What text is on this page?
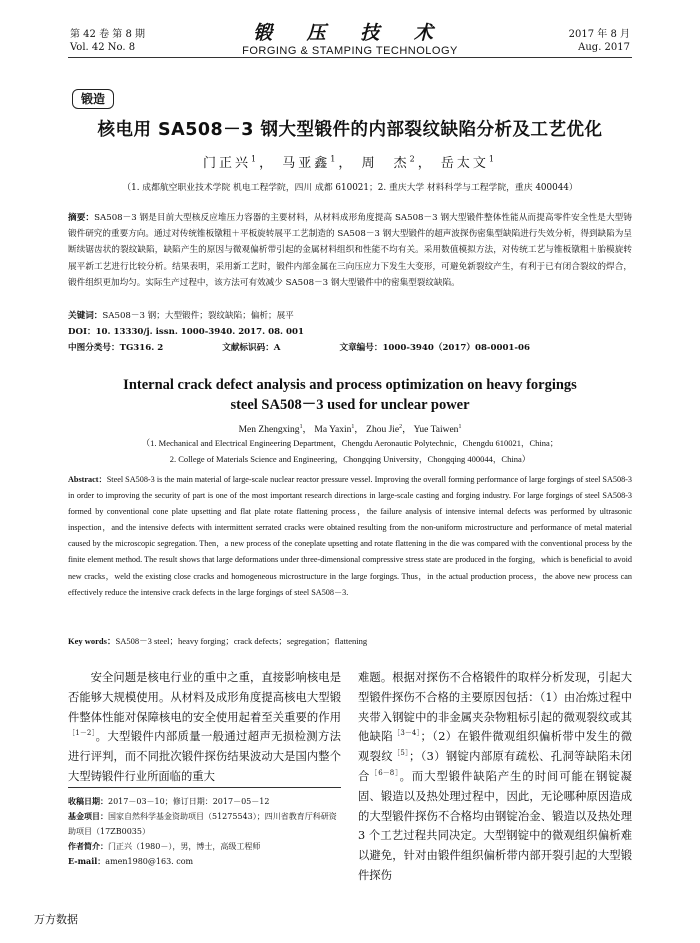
第 42 卷 第 8 期
Vol. 42 No. 8
锻 压 技 术
FORGING & STAMPING TECHNOLOGY
2017 年 8 月
Aug. 2017
锻造
核电用 SA508－3 钢大型锻件的内部裂纹缺陷分析及工艺优化
门正兴$^1$， 马亚鑫$^1$， 周　杰$^2$， 岳太文$^1$
（1. 成都航空职业技术学院 机电工程学院，四川 成都 610021；2. 重庆大学 材料科学与工程学院，重庆 400044）
摘要：SA508－3 钢是目前大型核反应堆压力容器的主要材料，从材料成形角度提高 SA508－3 钢大型锻件整体性能从而提高零件安全性是大型铸锻件研究的重要方向。通过对传统锥板镦粗＋平板旋转展平工艺制造的 SA508－3 钢大型锻件的超声波探伤密集型缺陷进行失效分析，得到缺陷为呈断续锯齿状的裂纹缺陷，缺陷产生的原因与微观偏析带引起的金属材料组织和性能不均有关。采用数值模拟方法，对传统工艺与锥板镦粗＋胎模旋转展平新工艺进行比较分析。结果表明，采用新工艺时，锻件内部金属在三向压应力下发生大变形，可避免新裂纹产生，有利于已有闭合裂纹的焊合，锻件组织更加均匀。实际生产过程中，该方法可有效减少 SA508－3 钢大型锻件中的密集型裂纹缺陷。
关键词：SA508－3 钢；大型锻件；裂纹缺陷；偏析；展平
DOI：10. 13330/j. issn. 1000-3940. 2017. 08. 001
中图分类号：TG316. 2	文献标识码：A	文章编号：1000-3940（2017）08-0001-06
Internal crack defect analysis and process optimization on heavy forgings
steel SA508－3 used for unclear power
Men Zhengxing$^1$， Ma Yaxin$^1$， Zhou Jie$^2$， Yue Taiwen$^1$
（1. Mechanical and Electrical Engineering Department，Chengdu Aeronautic Polytechnic，Chengdu 610021，China；
2. College of Materials Science and Engineering，Chongqing University，Chongqing 400044，China）
Abstract：Steel SA508-3 is the main material of large-scale nuclear reactor pressure vessel. Improving the overall forming performance of large forgings of steel SA508-3 in order to improving the security of part is one of the most important research directions in large-scale casting and forging industry. For large forgings of steel SA508-3 formed by conventional cone plate upsetting and flat plate rotate flattening process，the failure analysis of intensive internal defects was performed by ultrasonic inspection，and the intensive defects with intermittent serrated cracks were obtained resulting from the non-uniform microstructure and performance of metal material caused by the microscopic segregation. Then，a new process of the coneplate upsetting and rotate flattening in the die was compared with the conventional process by the finite element method. The result shows that large deformations under three-dimensional compressive stress state are produced in the forging，which is beneficial to avoid new cracks，weld the existing close cracks and homogeneous microstructure in the large forgings. Thus，in the actual production process，the above new process can effectively reduce the intensive crack defects in the large forgings of steel SA508－3.
Key words：SA508－3 steel；heavy forging；crack defects；segregation；flattening
安全问题是核电行业的重中之重，直接影响核电是否能够大规模使用。从材料及成形角度提高核电大型锻件整体性能对保障核电的安全使用起着至关重要的作用$^{[1-2]}$。大型锻件内部质量一般通过超声无损检测方法进行评判，而不同批次锻件探伤结果波动大是国内整个大型铸锻件行业所面临的重大
收稿日期：2017－03－10；修订日期：2017－05－12
基金项目：国家自然科学基金资助项目（51275543）；四川省教育厅科研资助项目（17ZB0035）
作者简介：门正兴（1980－），男，博士，高级工程师
E-mail：amen1980@163. com
难题。根据对探伤不合格锻件的取样分析发现，引起大型锻件探伤不合格的主要原因包括：（1）由冶炼过程中夹带入钢锭中的非金属夹杂物粗标引起的微观裂纹或其他缺陷$^{[3-4]}$；（2）在锻件微观组织偏析带中发生的微观裂纹$^{[5]}$；（3）钢锭内部原有疏松、孔洞等缺陷未闭合$^{[6-8]}$。而大型锻件缺陷产生的时间可能在钢锭凝固、锻造以及热处理过程中，因此，无论哪种原因造成的大型锻件探伤不合格均由钢锭冶金、锻造以及热处理 3 个工艺过程共同决定。大型钢锭中的微观组织偏析难以避免，针对由锻件组织偏析带内部开裂引起的大型锻件探伤
万方数据
